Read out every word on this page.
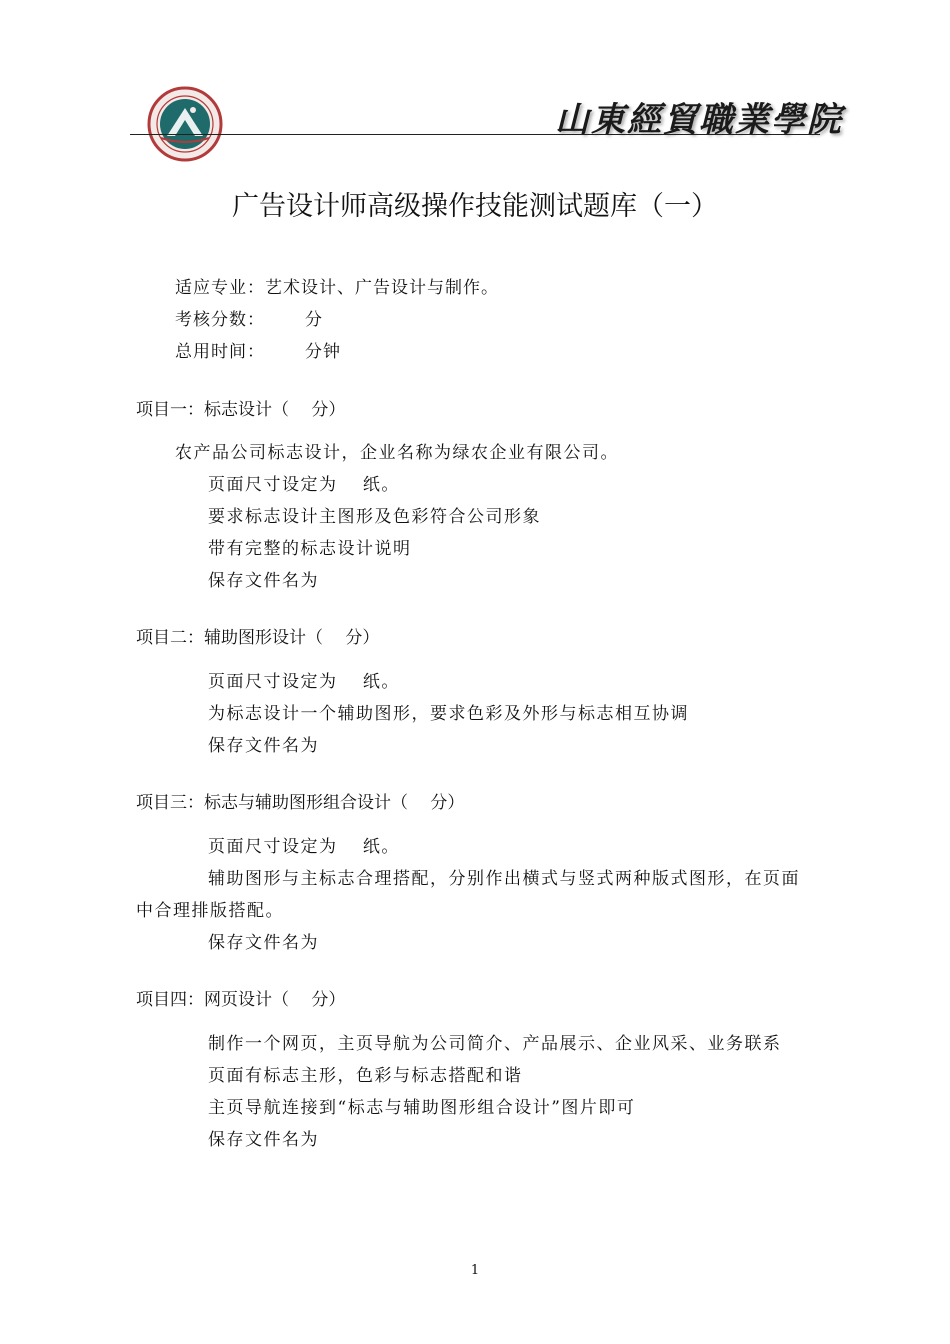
山東經貿職業學院
广告设计师高级操作技能测试题库（一）
适应专业：艺术设计、广告设计与制作。
考核分数： 分
总用时间： 分钟
项目一：标志设计（　 分）
农产品公司标志设计，企业名称为绿农企业有限公司。
页面尺寸设定为　 纸。
要求标志设计主图形及色彩符合公司形象
带有完整的标志设计说明
保存文件名为
项目二：辅助图形设计（　 分）
页面尺寸设定为　 纸。
为标志设计一个辅助图形，要求色彩及外形与标志相互协调
保存文件名为
项目三：标志与辅助图形组合设计（　 分）
页面尺寸设定为　 纸。
辅助图形与主标志合理搭配，分别作出横式与竖式两种版式图形，在页面
中合理排版搭配。
保存文件名为
项目四：网页设计（　 分）
制作一个网页，主页导航为公司简介、产品展示、企业风采、业务联系
页面有标志主形，色彩与标志搭配和谐
主页导航连接到“标志与辅助图形组合设计”图片即可
保存文件名为
1
